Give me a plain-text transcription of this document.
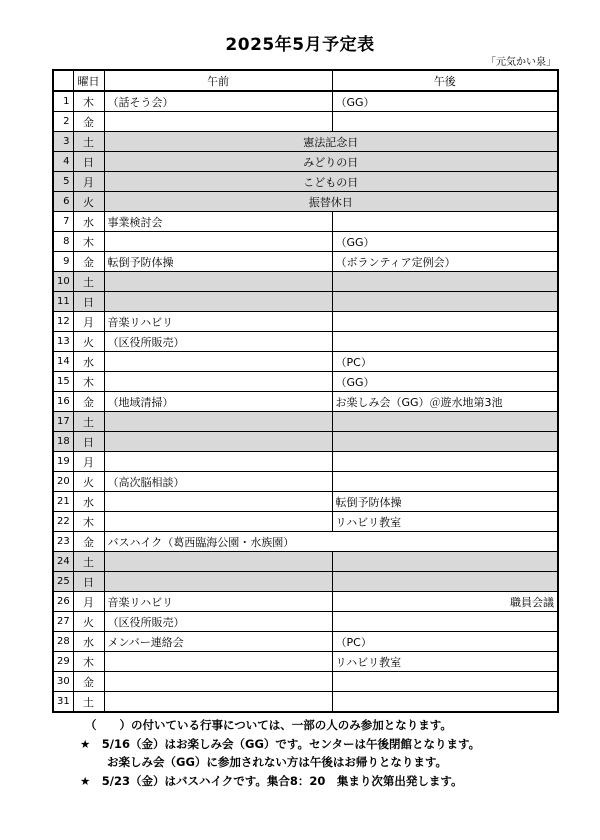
2025年5月予定表
「元気かい泉」
	曜日	午前	午後
1	木	（話そう会）	（GG）
2	金		
3	土	憲法記念日	
4	日	みどりの日	
5	月	こどもの日	
6	火	振替休日	
7	水	事業検討会	
8	木		（GG）
9	金	転倒予防体操	（ボランティア定例会）
10	土		
11	日		
12	月	音楽リハビリ	
13	火	（区役所販売）	
14	水		（PC）
15	木		（GG）
16	金	（地域清掃）	お楽しみ会（GG）＠遊水地第3池
17	土		
18	日		
19	月		
20	火	（高次脳相談）	
21	水		転倒予防体操
22	木		リハビリ教室
23	金	バスハイク（葛西臨海公園・水族園）	
24	土		
25	日		
26	月	音楽リハビリ	職員会議
27	火	（区役所販売）	
28	水	メンバー連絡会	（PC）
29	木		リハビリ教室
30	金		
31	土		
（　　）の付いている行事については、一部の人のみ参加となります。
★　5/16（金）はお楽しみ会（GG）です。センターは午後閉館となります。
お楽しみ会（GG）に参加されない方は午後はお帰りとなります。
★　5/23（金）はバスハイクです。集合8：20　集まり次第出発します。
